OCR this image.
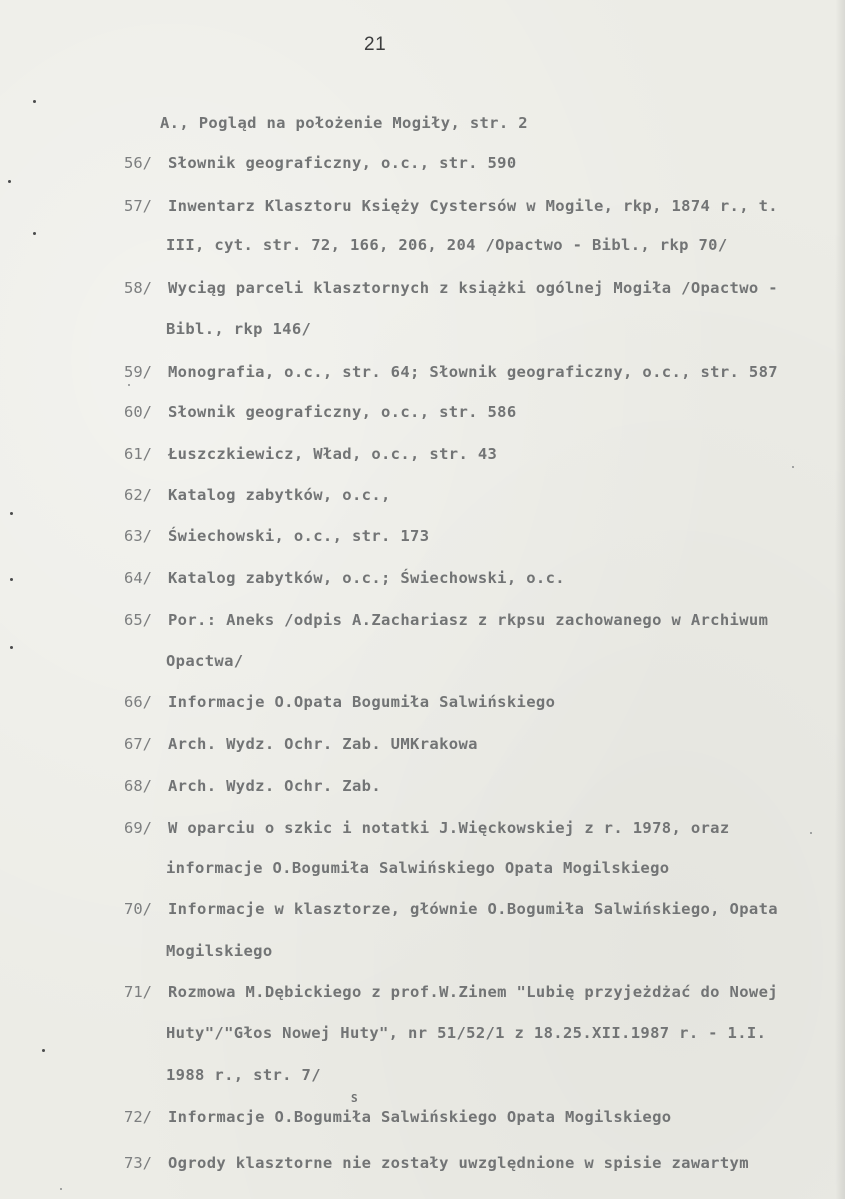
21
A., Pogląd na położenie Mogiły, str. 2
56/ Słownik geograficzny, o.c., str. 590
57/ Inwentarz Klasztoru Księży Cystersów w Mogile, rkp, 1874 r., t.
III, cyt. str. 72, 166, 206, 204 /Opactwo - Bibl., rkp 70/
58/ Wyciąg parceli klasztornych z książki ogólnej Mogiła /Opactwo -
Bibl., rkp 146/
59/ Monografia, o.c., str. 64; Słownik geograficzny, o.c., str. 587
60/ Słownik geograficzny, o.c., str. 586
61/ Łuszczkiewicz, Wład, o.c., str. 43
62/ Katalog zabytków, o.c.,
63/ Świechowski, o.c., str. 173
64/ Katalog zabytków, o.c.; Świechowski, o.c.
65/ Por.: Aneks /odpis A.Zachariasz z rkpsu zachowanego w Archiwum
Opactwa/
66/ Informacje O.Opata Bogumiła Salwińskiego
67/ Arch. Wydz. Ochr. Zab. UMKrakowa
68/ Arch. Wydz. Ochr. Zab.
69/ W oparciu o szkic i notatki J.Więckowskiej z r. 1978, oraz
informacje O.Bogumiła Salwińskiego Opata Mogilskiego
70/ Informacje w klasztorze, głównie O.Bogumiła Salwińskiego, Opata
Mogilskiego
71/ Rozmowa M.Dębickiego z prof.W.Zinem "Lubię przyjeżdżać do Nowej
Huty"/"Głos Nowej Huty", nr 51/52/1 z 18.25.XII.1987 r. - 1.I.
1988 r., str. 7/
S
72/ Informacje O.Bogumiła Salwińskiego Opata Mogilskiego
73/ Ogrody klasztorne nie zostały uwzględnione w spisie zawartym
